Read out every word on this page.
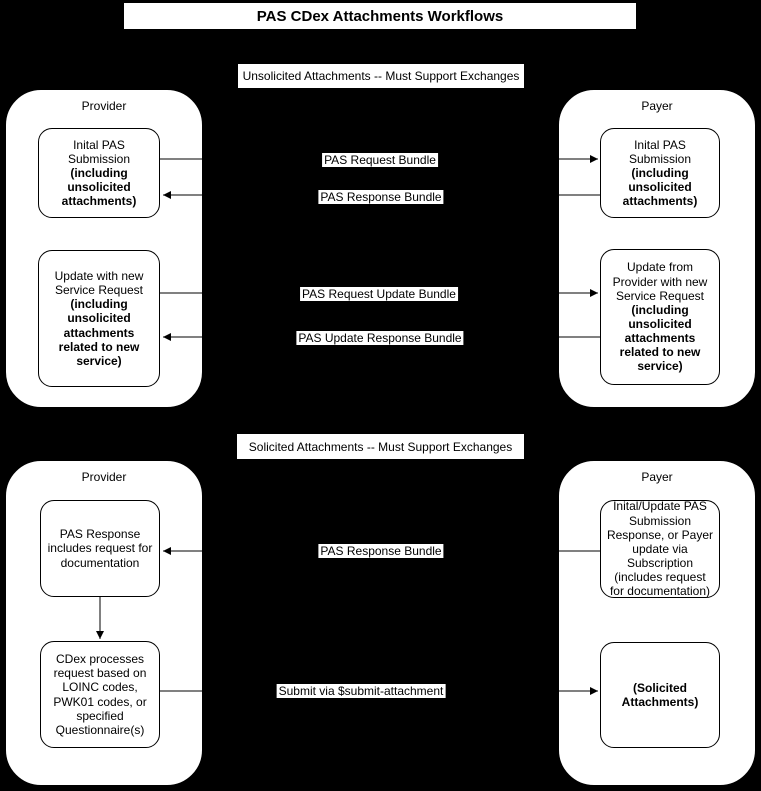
PAS CDex Attachments Workflows
Unsolicited Attachments -- Must Support Exchanges
Solicited Attachments -- Must Support Exchanges
Provider	Payer
Provider	Payer
Inital PAS Submission
(including unsolicited attachments)
Update with new Service Request
(including unsolicited attachments related to new service)
Inital PAS Submission
(including unsolicited attachments)
Update from Provider with new Service Request
(including unsolicited attachments related to new service)
PAS Response includes request for documentation
CDex processes request based on LOINC codes, PWK01 codes, or specified Questionnaire(s)
Inital/Update PAS Submission Response, or Payer update via Subscription (includes request for documentation)
(Solicited Attachments)
PAS Request Bundle
PAS Response Bundle
PAS Request Update Bundle
PAS Update Response Bundle
PAS Response Bundle
Submit via $submit-attachment
